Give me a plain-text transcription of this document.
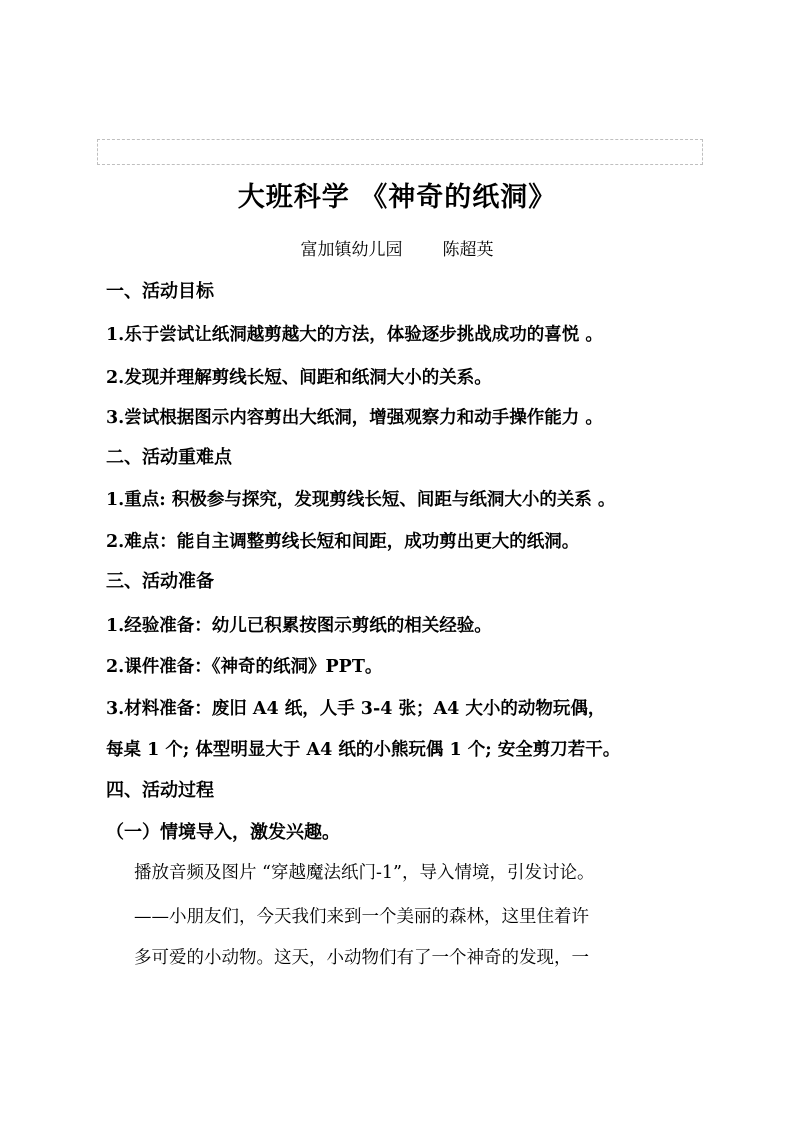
大班科学 《神奇的纸洞》
富加镇幼儿园 陈超英
一、活动目标
1.乐于尝试让纸洞越剪越大的方法，体验逐步挑战成功的喜悦 。
2.发现并理解剪线长短、间距和纸洞大小的关系。
3.尝试根据图示内容剪出大纸洞，增强观察力和动手操作能力 。
二、活动重难点
1.重点: 积极参与探究，发现剪线长短、间距与纸洞大小的关系 。
2.难点：能自主调整剪线长短和间距，成功剪出更大的纸洞。
三、活动准备
1.经验准备：幼儿已积累按图示剪纸的相关经验。
2.课件准备：《神奇的纸洞》PPT。
3.材料准备：废旧 A4 纸，人手 3-4 张；A4 大小的动物玩偶，
每桌 1 个; 体型明显大于 A4 纸的小熊玩偶 1 个; 安全剪刀若干。
四、活动过程
（一）情境导入，激发兴趣。
播放音频及图片 “穿越魔法纸门-1”，导入情境，引发讨论。
——小朋友们，今天我们来到一个美丽的森林，这里住着许
多可爱的小动物。这天，小动物们有了一个神奇的发现，一
